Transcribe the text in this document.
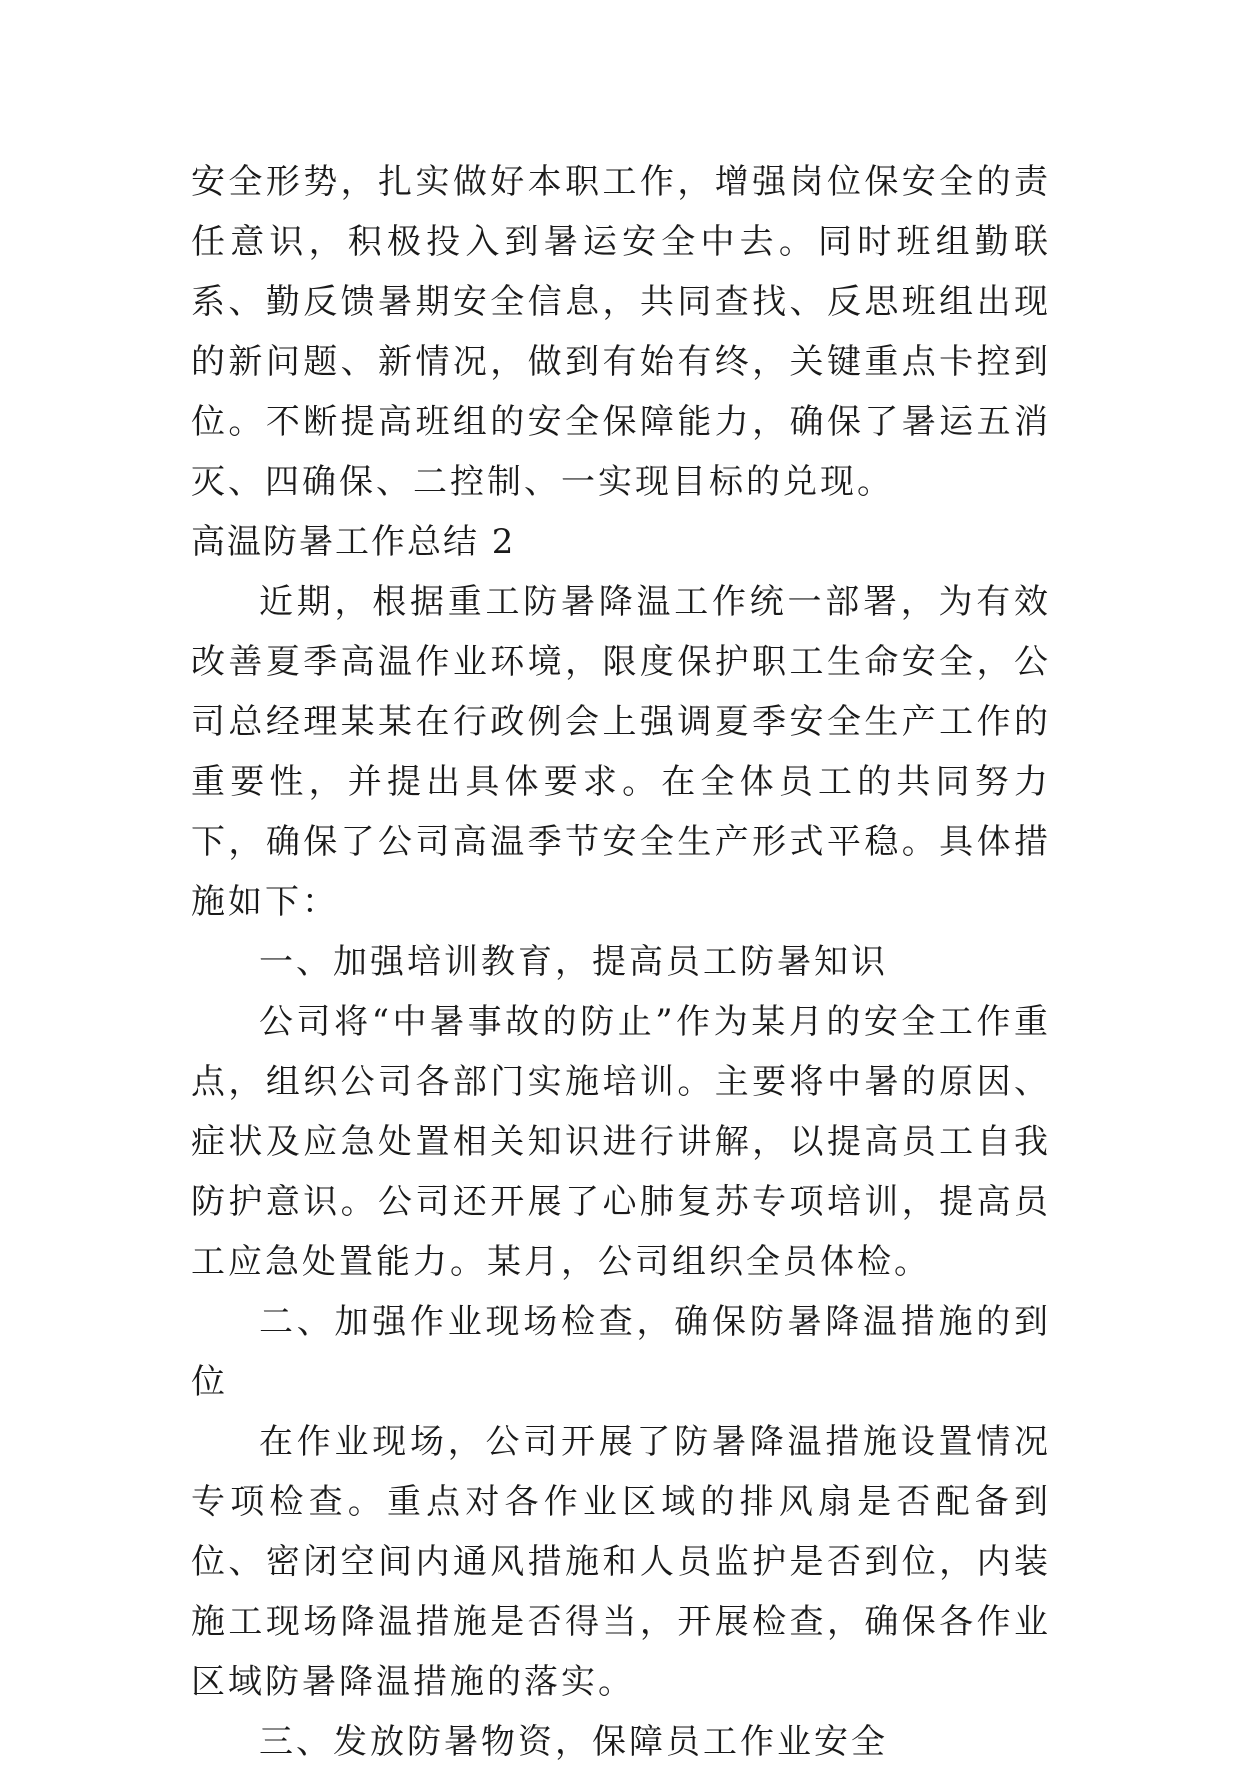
安全形势，扎实做好本职工作，增强岗位保安全的责任意识，积极投入到暑运安全中去。同时班组勤联系、勤反馈暑期安全信息，共同查找、反思班组出现的新问题、新情况，做到有始有终，关键重点卡控到位。不断提高班组的安全保障能力，确保了暑运五消灭、四确保、二控制、一实现目标的兑现。

高温防暑工作总结 2

近期，根据重工防暑降温工作统一部署，为有效改善夏季高温作业环境，限度保护职工生命安全，公司总经理某某在行政例会上强调夏季安全生产工作的重要性，并提出具体要求。在全体员工的共同努力下，确保了公司高温季节安全生产形式平稳。具体措施如下：

一、加强培训教育，提高员工防暑知识

公司将“中暑事故的防止”作为某月的安全工作重点，组织公司各部门实施培训。主要将中暑的原因、症状及应急处置相关知识进行讲解，以提高员工自我防护意识。公司还开展了心肺复苏专项培训，提高员工应急处置能力。某月，公司组织全员体检。

二、加强作业现场检查，确保防暑降温措施的到位

在作业现场，公司开展了防暑降温措施设置情况专项检查。重点对各作业区域的排风扇是否配备到位、密闭空间内通风措施和人员监护是否到位，内装施工现场降温措施是否得当，开展检查，确保各作业区域防暑降温措施的落实。

三、发放防暑物资，保障员工作业安全
